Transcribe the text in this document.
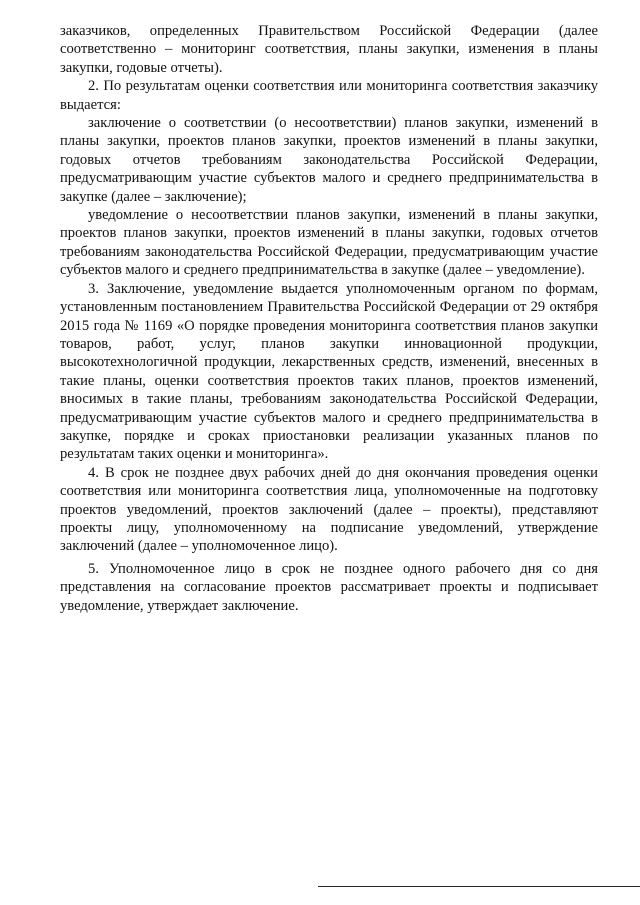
заказчиков, определенных Правительством Российской Федерации (далее соответственно – мониторинг соответствия, планы закупки, изменения в планы закупки, годовые отчеты).

2. По результатам оценки соответствия или мониторинга соответствия заказчику выдается:

заключение о соответствии (о несоответствии) планов закупки, изменений в планы закупки, проектов планов закупки, проектов изменений в планы закупки, годовых отчетов требованиям законодательства Российской Федерации, предусматривающим участие субъектов малого и среднего предпринимательства в закупке (далее – заключение);

уведомление о несоответствии планов закупки, изменений в планы закупки, проектов планов закупки, проектов изменений в планы закупки, годовых отчетов требованиям законодательства Российской Федерации, предусматривающим участие субъектов малого и среднего предпринимательства в закупке (далее – уведомление).

3. Заключение, уведомление выдается уполномоченным органом по формам, установленным постановлением Правительства Российской Федерации от 29 октября 2015 года № 1169 «О порядке проведения мониторинга соответствия планов закупки товаров, работ, услуг, планов закупки инновационной продукции, высокотехнологичной продукции, лекарственных средств, изменений, внесенных в такие планы, оценки соответствия проектов таких планов, проектов изменений, вносимых в такие планы, требованиям законодательства Российской Федерации, предусматривающим участие субъектов малого и среднего предпринимательства в закупке, порядке и сроках приостановки реализации указанных планов по результатам таких оценки и мониторинга».

4. В срок не позднее двух рабочих дней до дня окончания проведения оценки соответствия или мониторинга соответствия лица, уполномоченные на подготовку проектов уведомлений, проектов заключений (далее – проекты), представляют проекты лицу, уполномоченному на подписание уведомлений, утверждение заключений (далее – уполномоченное лицо).

5. Уполномоченное лицо в срок не позднее одного рабочего дня со дня представления на согласование проектов рассматривает проекты и подписывает уведомление, утверждает заключение.
